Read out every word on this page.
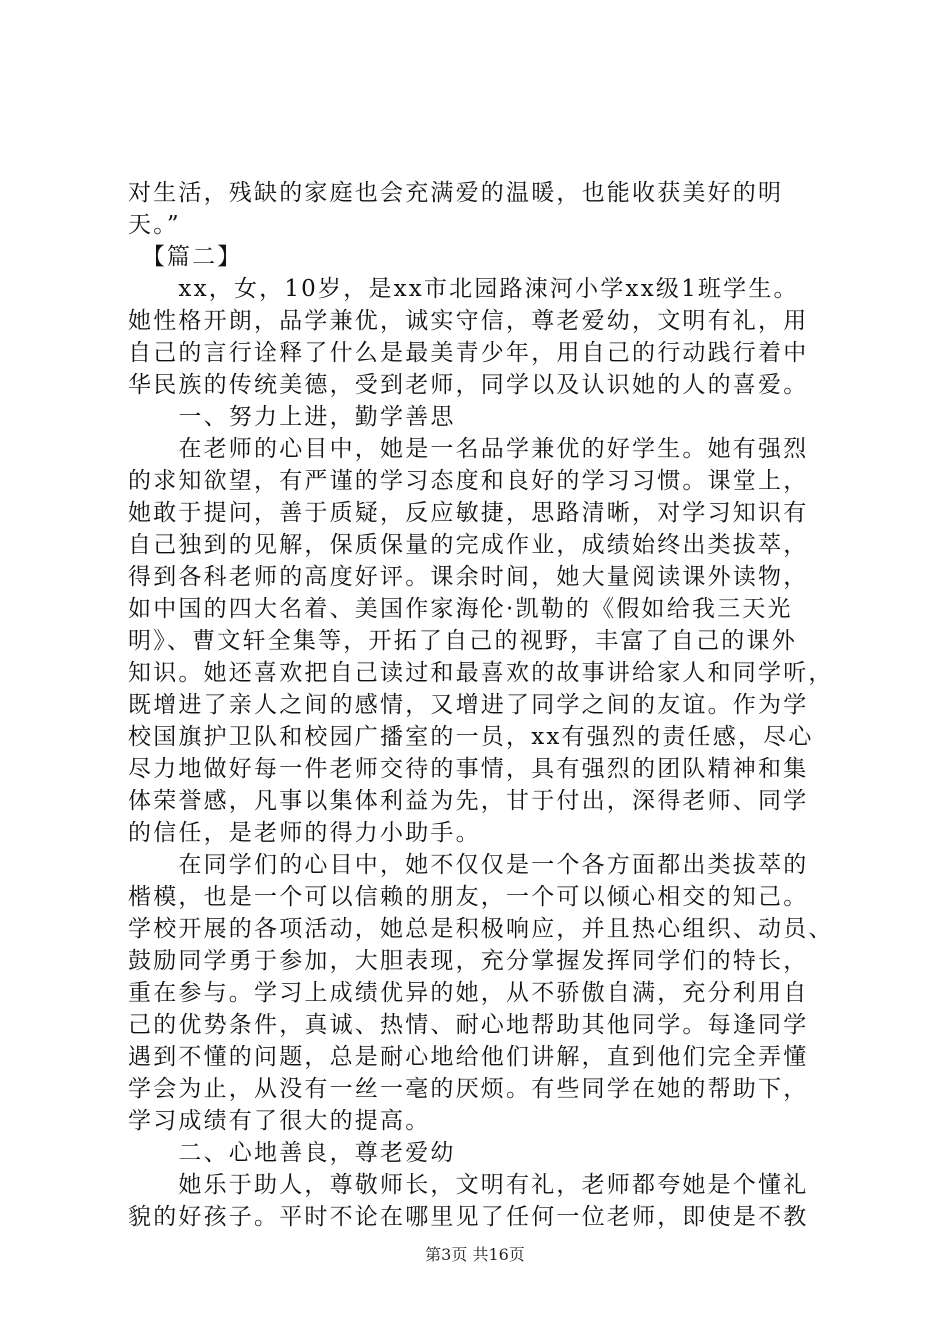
对生活，残缺的家庭也会充满爱的温暖，也能收获美好的明
天。”
　【篇二】
　　xx，女，10岁，是xx市北园路涑河小学xx级1班学生。
她性格开朗，品学兼优，诚实守信，尊老爱幼，文明有礼，用
自己的言行诠释了什么是最美青少年，用自己的行动践行着中
华民族的传统美德，受到老师，同学以及认识她的人的喜爱。
　　一、努力上进，勤学善思
　　在老师的心目中，她是一名品学兼优的好学生。她有强烈
的求知欲望，有严谨的学习态度和良好的学习习惯。课堂上，
她敢于提问，善于质疑，反应敏捷，思路清晰，对学习知识有
自己独到的见解，保质保量的完成作业，成绩始终出类拔萃，
得到各科老师的高度好评。课余时间，她大量阅读课外读物，
如中国的四大名着、美国作家海伦·凯勒的《假如给我三天光
明》、曹文轩全集等，开拓了自己的视野，丰富了自己的课外
知识。她还喜欢把自己读过和最喜欢的故事讲给家人和同学听，
既增进了亲人之间的感情，又增进了同学之间的友谊。作为学
校国旗护卫队和校园广播室的一员，xx有强烈的责任感，尽心
尽力地做好每一件老师交待的事情，具有强烈的团队精神和集
体荣誉感，凡事以集体利益为先，甘于付出，深得老师、同学
的信任，是老师的得力小助手。
　　在同学们的心目中，她不仅仅是一个各方面都出类拔萃的
楷模，也是一个可以信赖的朋友，一个可以倾心相交的知己。
学校开展的各项活动，她总是积极响应，并且热心组织、动员、
鼓励同学勇于参加，大胆表现，充分掌握发挥同学们的特长，
重在参与。学习上成绩优异的她，从不骄傲自满，充分利用自
己的优势条件，真诚、热情、耐心地帮助其他同学。每逢同学
遇到不懂的问题，总是耐心地给他们讲解，直到他们完全弄懂
学会为止，从没有一丝一毫的厌烦。有些同学在她的帮助下，
学习成绩有了很大的提高。
　　二、心地善良，尊老爱幼
　　她乐于助人，尊敬师长，文明有礼，老师都夸她是个懂礼
貌的好孩子。平时不论在哪里见了任何一位老师，即使是不教
第3页 共16页
